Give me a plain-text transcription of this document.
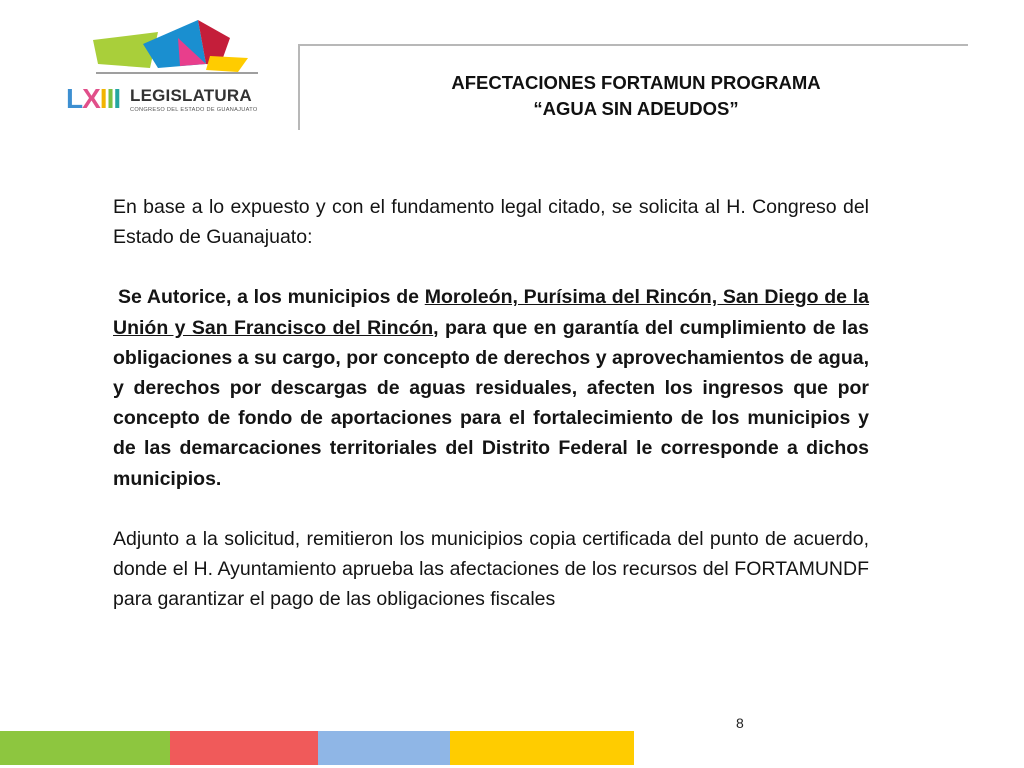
LXIII LEGISLATURA
CONGRESO DEL ESTADO DE GUANAJUATO
AFECTACIONES FORTAMUN PROGRAMA
“AGUA SIN ADEUDOS”

En base a lo expuesto y con el fundamento legal citado, se solicita al H. Congreso del Estado de Guanajuato:

Se Autorice, a los municipios de Moroleón, Purísima del Rincón, San Diego de la Unión y San Francisco del Rincón, para que en garantía del cumplimiento de las obligaciones a su cargo, por concepto de derechos y aprovechamientos de agua, y derechos por descargas de aguas residuales, afecten los ingresos que por concepto de fondo de aportaciones para el fortalecimiento de los municipios y de las demarcaciones territoriales del Distrito Federal le corresponde a dichos municipios.

Adjunto a la solicitud, remitieron los municipios copia certificada del punto de acuerdo, donde el H. Ayuntamiento aprueba las afectaciones de los recursos del FORTAMUNDF para garantizar el pago de las obligaciones fiscales

8
